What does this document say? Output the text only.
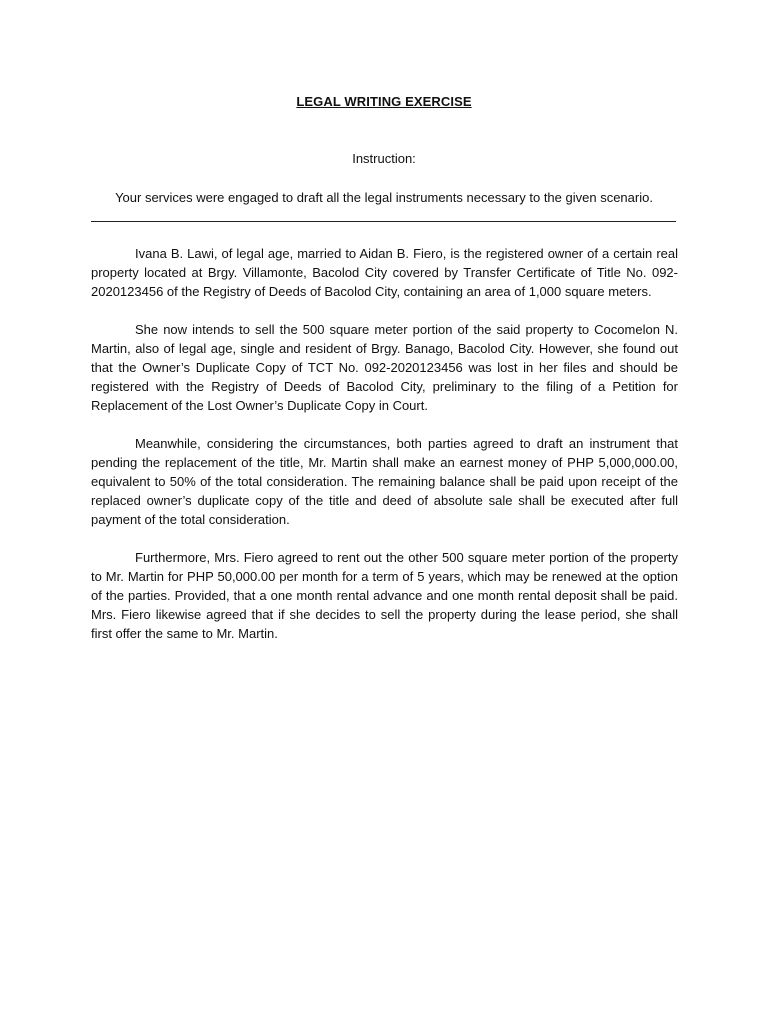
LEGAL WRITING EXERCISE
Instruction:
Your services were engaged to draft all the legal instruments necessary to the given scenario.

Ivana B. Lawi, of legal age, married to Aidan B. Fiero, is the registered owner of a certain real property located at Brgy. Villamonte, Bacolod City covered by Transfer Certificate of Title No. 092-2020123456 of the Registry of Deeds of Bacolod City, containing an area of 1,000 square meters.

She now intends to sell the 500 square meter portion of the said property to Cocomelon N. Martin, also of legal age, single and resident of Brgy. Banago, Bacolod City. However, she found out that the Owner’s Duplicate Copy of TCT No. 092-2020123456 was lost in her files and should be registered with the Registry of Deeds of Bacolod City, preliminary to the filing of a Petition for Replacement of the Lost Owner’s Duplicate Copy in Court.

Meanwhile, considering the circumstances, both parties agreed to draft an instrument that pending the replacement of the title, Mr. Martin shall make an earnest money of PHP 5,000,000.00, equivalent to 50% of the total consideration. The remaining balance shall be paid upon receipt of the replaced owner’s duplicate copy of the title and deed of absolute sale shall be executed after full payment of the total consideration.

Furthermore, Mrs. Fiero agreed to rent out the other 500 square meter portion of the property to Mr. Martin for PHP 50,000.00 per month for a term of 5 years, which may be renewed at the option of the parties. Provided, that a one month rental advance and one month rental deposit shall be paid. Mrs. Fiero likewise agreed that if she decides to sell the property during the lease period, she shall first offer the same to Mr. Martin.
